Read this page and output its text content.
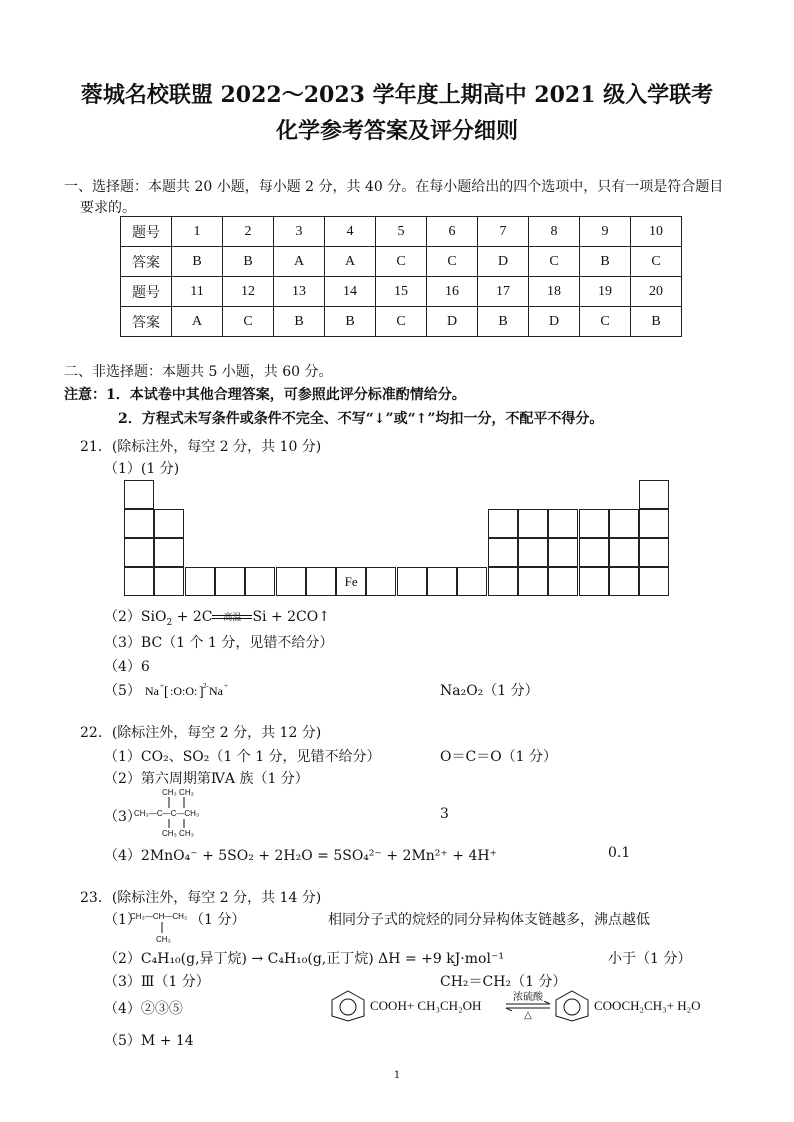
蓉城名校联盟 2022～2023 学年度上期高中 2021 级入学联考
化学参考答案及评分细则
一、选择题：本题共 20 小题，每小题 2 分，共 40 分。在每小题给出的四个选项中，只有一项是符合题目
要求的。
题号	1	2	3	4	5	6	7	8	9	10
答案	B	B	A	A	C	C	D	C	B	C
题号	11	12	13	14	15	16	17	18	19	20
答案	A	C	B	B	C	D	B	D	C	B
二、非选择题：本题共 5 小题，共 60 分。
注意：1．本试卷中其他合理答案，可参照此评分标准酌情给分。
2．方程式未写条件或条件不完全、不写“↓”或“↑”均扣一分，不配平不得分。
21．(除标注外，每空 2 分，共 10 分)
（1）(1 分)
Fe
（2）SiO$_2$ + 2C	高温 Si + 2CO↑
（3）BC（1 个 1 分，见错不给分）
（4）6
（5） Na + [ :O:O: ] 2- Na +	Na₂O₂（1 分）
22．(除标注外，每空 2 分，共 12 分)
（1）CO₂、SO₂（1 个 1 分，见错不给分）	O＝C＝O（1 分）
（2）第六周期第ⅣA 族（1 分）
（3）
CH₃ CH₃
CH₃—C—C—CH₃
CH₃ CH₃
3
（4）2MnO₄⁻ + 5SO₂ + 2H₂O = 5SO₄²⁻ + 2Mn²⁺ + 4H⁺	0.1
23．(除标注外，每空 2 分，共 14 分)
（1）
CH₃—CH—CH₃
CH₃
（1 分）	相同分子式的烷烃的同分异构体支链越多，沸点越低
（2）C₄H₁₀(g,异丁烷) → C₄H₁₀(g,正丁烷) ΔH = +9 kJ·mol⁻¹	小于（1 分）
（3）Ⅲ（1 分）	CH₂＝CH₂（1 分）
（4）②③⑤	COOH+ CH₃CH₂OH
浓硫酸
△
COOCH₂CH₃+ H₂O
（5）M + 14
1
